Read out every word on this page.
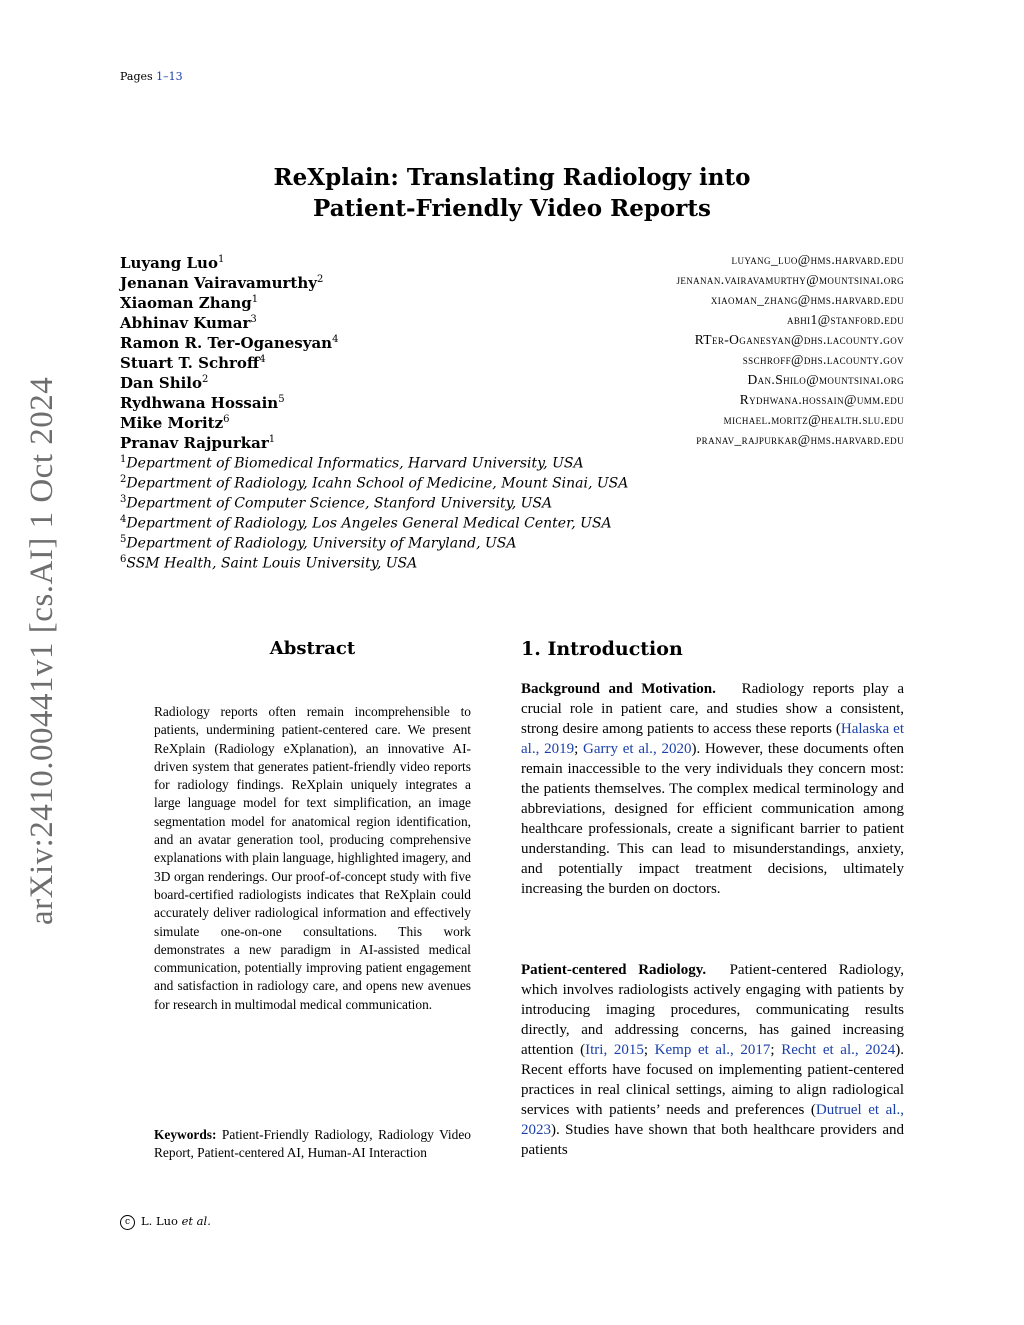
Pages 1–13
arXiv:2410.00441v1 [cs.AI] 1 Oct 2024
ReXplain: Translating Radiology into
Patient-Friendly Video Reports
Luyang Luo$^1$	luyang_luo@hms.harvard.edu
Jenanan Vairavamurthy$^2$	jenanan.vairavamurthy@mountsinai.org
Xiaoman Zhang$^1$	xiaoman_zhang@hms.harvard.edu
Abhinav Kumar$^3$	abhi1@stanford.edu
Ramon R. Ter-Oganesyan$^4$	RTer-Oganesyan@dhs.lacounty.gov
Stuart T. Schroff$^4$	sschroff@dhs.lacounty.gov
Dan Shilo$^2$	Dan.Shilo@mountsinai.org
Rydhwana Hossain$^5$	Rydhwana.hossain@umm.edu
Mike Moritz$^6$	michael.moritz@health.slu.edu
Pranav Rajpurkar$^1$	pranav_rajpurkar@hms.harvard.edu
$^1$Department of Biomedical Informatics, Harvard University, USA
$^2$Department of Radiology, Icahn School of Medicine, Mount Sinai, USA
$^3$Department of Computer Science, Stanford University, USA
$^4$Department of Radiology, Los Angeles General Medical Center, USA
$^5$Department of Radiology, University of Maryland, USA
$^6$SSM Health, Saint Louis University, USA
Abstract
Radiology reports often remain incomprehensible to patients, undermining patient-centered care. We present ReXplain (Radiology eXplanation), an innovative AI-driven system that generates patient-friendly video reports for radiology findings. ReXplain uniquely integrates a large language model for text simplification, an image segmentation model for anatomical region identification, and an avatar generation tool, producing comprehensive explanations with plain language, highlighted imagery, and 3D organ renderings. Our proof-of-concept study with five board-certified radiologists indicates that ReXplain could accurately deliver radiological information and effectively simulate one-on-one consultations. This work demonstrates a new paradigm in AI-assisted medical communication, potentially improving patient engagement and satisfaction in radiology care, and opens new avenues for research in multimodal medical communication.
Keywords: Patient-Friendly Radiology, Radiology Video Report, Patient-centered AI, Human-AI Interaction
1. Introduction
Background and Motivation. Radiology reports play a crucial role in patient care, and studies show a consistent, strong desire among patients to access these reports (Halaska et al., 2019; Garry et al., 2020). However, these documents often remain inaccessible to the very individuals they concern most: the patients themselves. The complex medical terminology and abbreviations, designed for efficient communication among healthcare professionals, create a significant barrier to patient understanding. This can lead to misunderstandings, anxiety, and potentially impact treatment decisions, ultimately increasing the burden on doctors.
Patient-centered Radiology. Patient-centered Radiology, which involves radiologists actively engaging with patients by introducing imaging procedures, communicating results directly, and addressing concerns, has gained increasing attention (Itri, 2015; Kemp et al., 2017; Recht et al., 2024). Recent efforts have focused on implementing patient-centered practices in real clinical settings, aiming to align radiological services with patients’ needs and preferences (Dutruel et al., 2023). Studies have shown that both healthcare providers and patients
c L. Luo et al.
